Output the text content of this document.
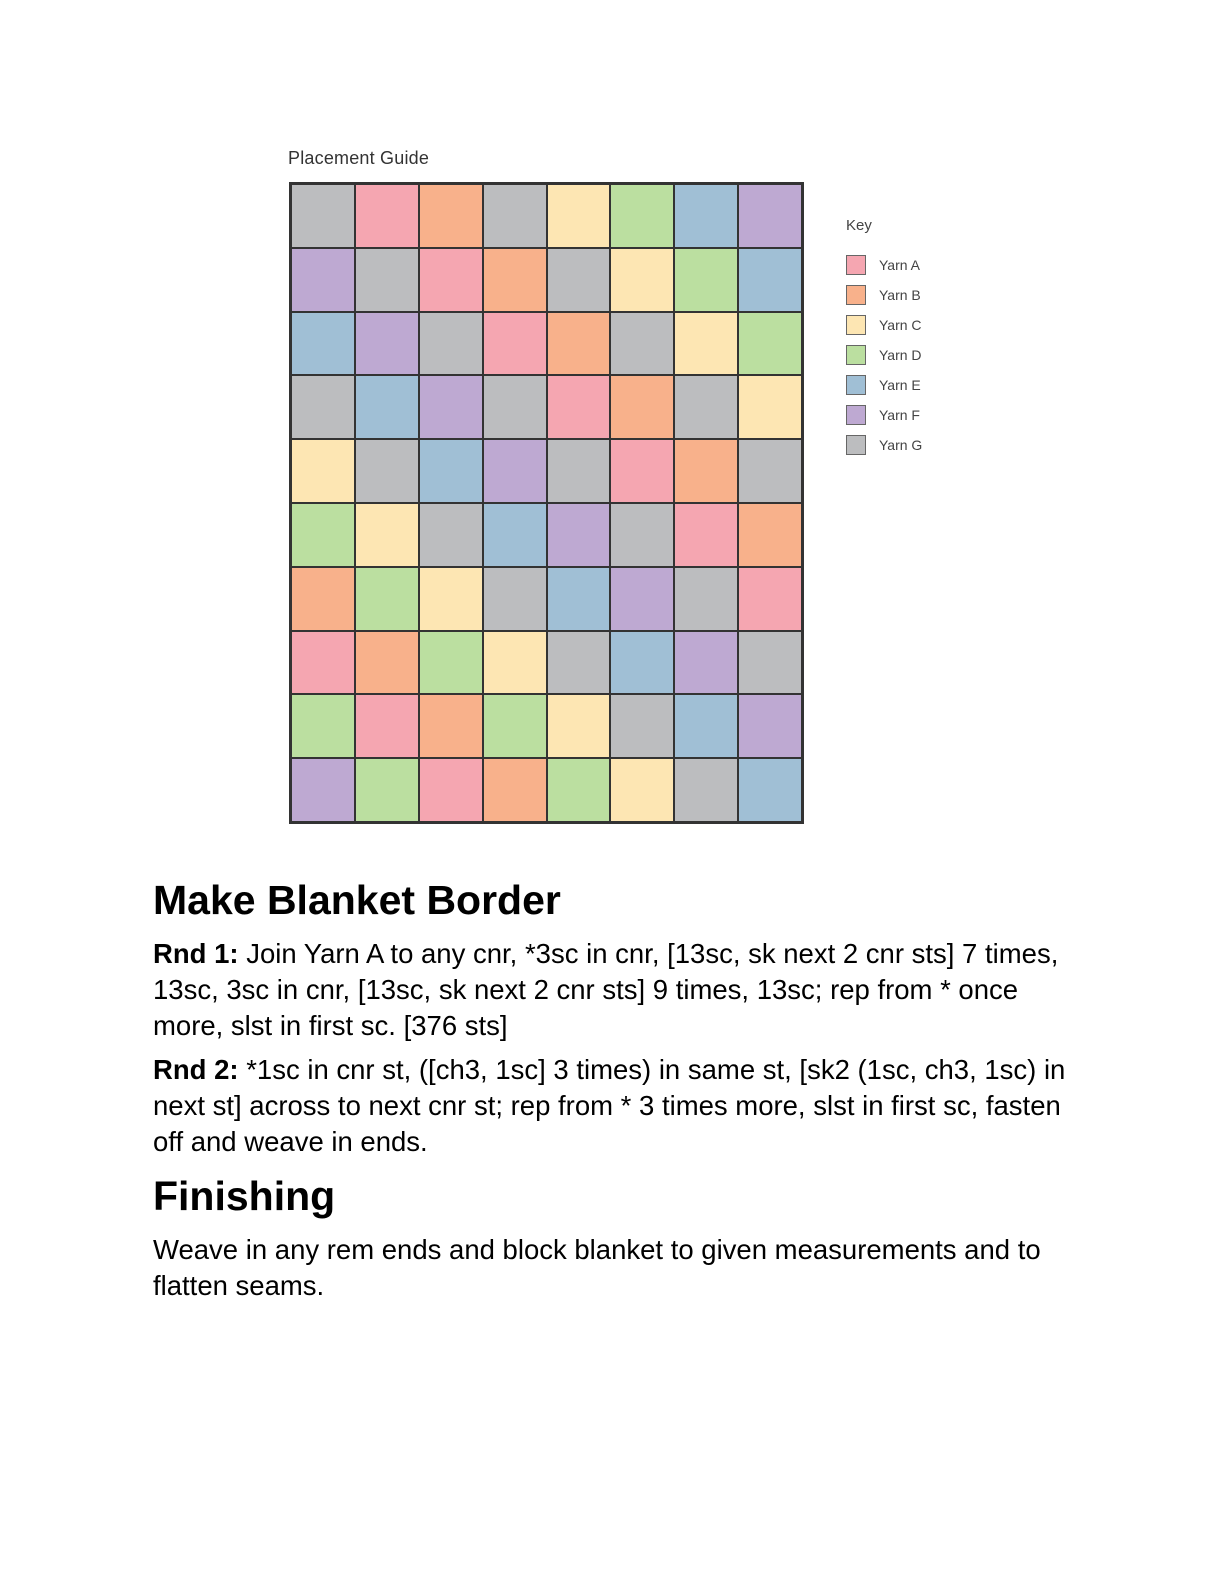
Placement Guide

Key

Yarn A
Yarn B
Yarn C
Yarn D
Yarn E
Yarn F
Yarn G
Make Blanket Border

Rnd 1: Join Yarn A to any cnr, *3sc in cnr, [13sc, sk next 2 cnr sts] 7 times, 13sc, 3sc in cnr, [13sc, sk next 2 cnr sts] 9 times, 13sc; rep from * once more, slst in first sc. [376 sts]

Rnd 2: *1sc in cnr st, ([ch3, 1sc] 3 times) in same st, [sk2 (1sc, ch3, 1sc) in next st] across to next cnr st; rep from * 3 times more, slst in first sc, fasten off and weave in ends.

Finishing

Weave in any rem ends and block blanket to given measurements and to flatten seams.
